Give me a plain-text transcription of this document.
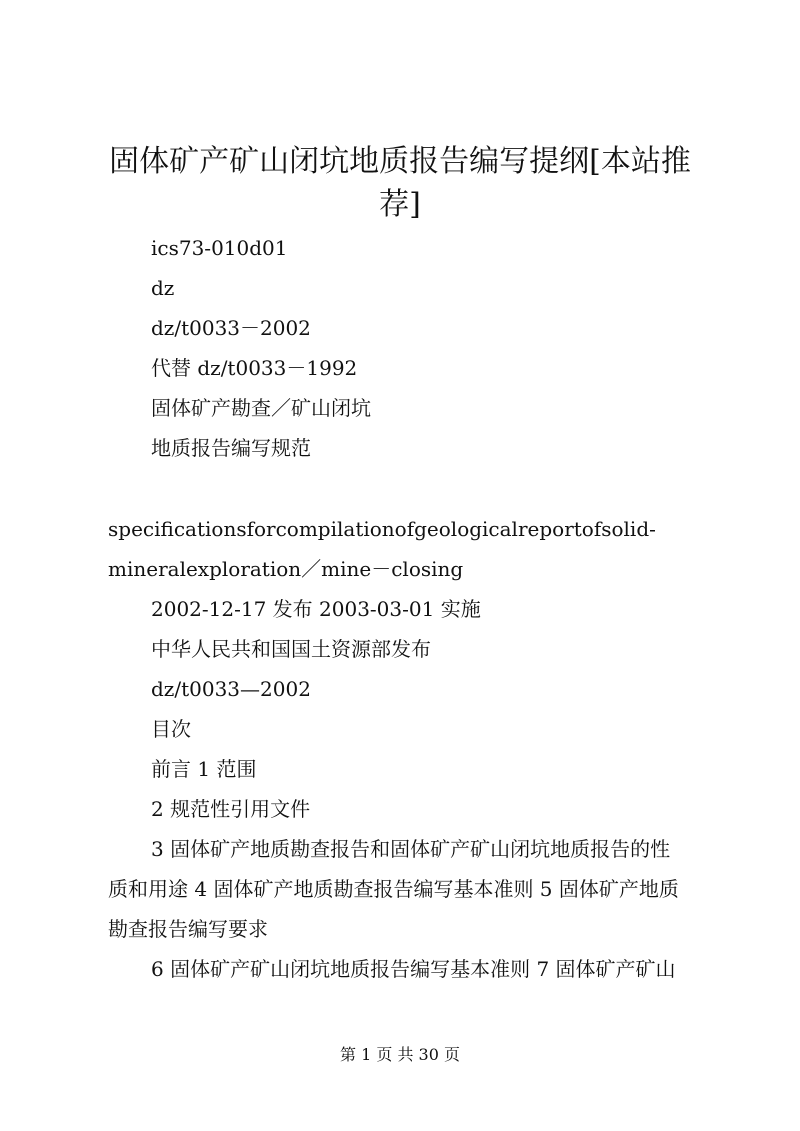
固体矿产矿山闭坑地质报告编写提纲[本站推荐]

ics73-010d01

dz

dz/t0033－2002

代替 dz/t0033－1992

固体矿产勘查／矿山闭坑

地质报告编写规范

specificationsforcompilationofgeologicalreportofsolid-

mineralexploration／mine－closing

2002-12-17 发布 2003-03-01 实施

中华人民共和国国土资源部发布

dz/t0033—2002

目次

前言 1 范围

2 规范性引用文件

3 固体矿产地质勘查报告和固体矿产矿山闭坑地质报告的性

质和用途 4 固体矿产地质勘查报告编写基本准则 5 固体矿产地质

勘查报告编写要求

6 固体矿产矿山闭坑地质报告编写基本准则 7 固体矿产矿山

第 1 页 共 30 页
